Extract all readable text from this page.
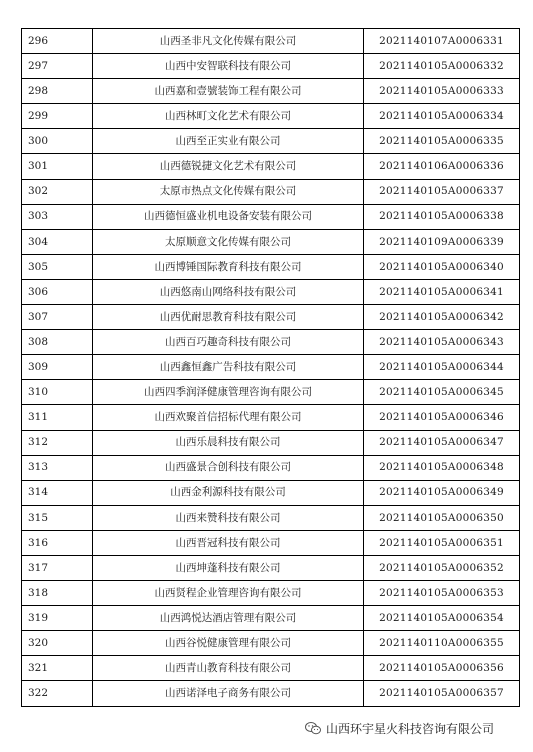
296	山西圣非凡文化传媒有限公司	2021140107A0006331
297	山西中安智联科技有限公司	2021140105A0006332
298	山西嘉和壹號装饰工程有限公司	2021140105A0006333
299	山西林町文化艺术有限公司	2021140105A0006334
300	山西至正实业有限公司	2021140105A0006335
301	山西德锐捷文化艺术有限公司	2021140106A0006336
302	太原市热点文化传媒有限公司	2021140105A0006337
303	山西德恒盛业机电设备安装有限公司	2021140105A0006338
304	太原顺意文化传媒有限公司	2021140109A0006339
305	山西博锤国际教育科技有限公司	2021140105A0006340
306	山西悠南山网络科技有限公司	2021140105A0006341
307	山西优耐思教育科技有限公司	2021140105A0006342
308	山西百巧趣奇科技有限公司	2021140105A0006343
309	山西鑫恒鑫广告科技有限公司	2021140105A0006344
310	山西四季润泽健康管理咨询有限公司	2021140105A0006345
311	山西欢聚首信招标代理有限公司	2021140105A0006346
312	山西乐晨科技有限公司	2021140105A0006347
313	山西盛景合创科技有限公司	2021140105A0006348
314	山西金利源科技有限公司	2021140105A0006349
315	山西来赞科技有限公司	2021140105A0006350
316	山西晋冠科技有限公司	2021140105A0006351
317	山西坤蓬科技有限公司	2021140105A0006352
318	山西贤程企业管理咨询有限公司	2021140105A0006353
319	山西鸿悦达酒店管理有限公司	2021140105A0006354
320	山西谷悦健康管理有限公司	2021140110A0006355
321	山西青山教育科技有限公司	2021140105A0006356
322	山西诺泽电子商务有限公司	2021140105A0006357
山西环宇星火科技咨询有限公司
